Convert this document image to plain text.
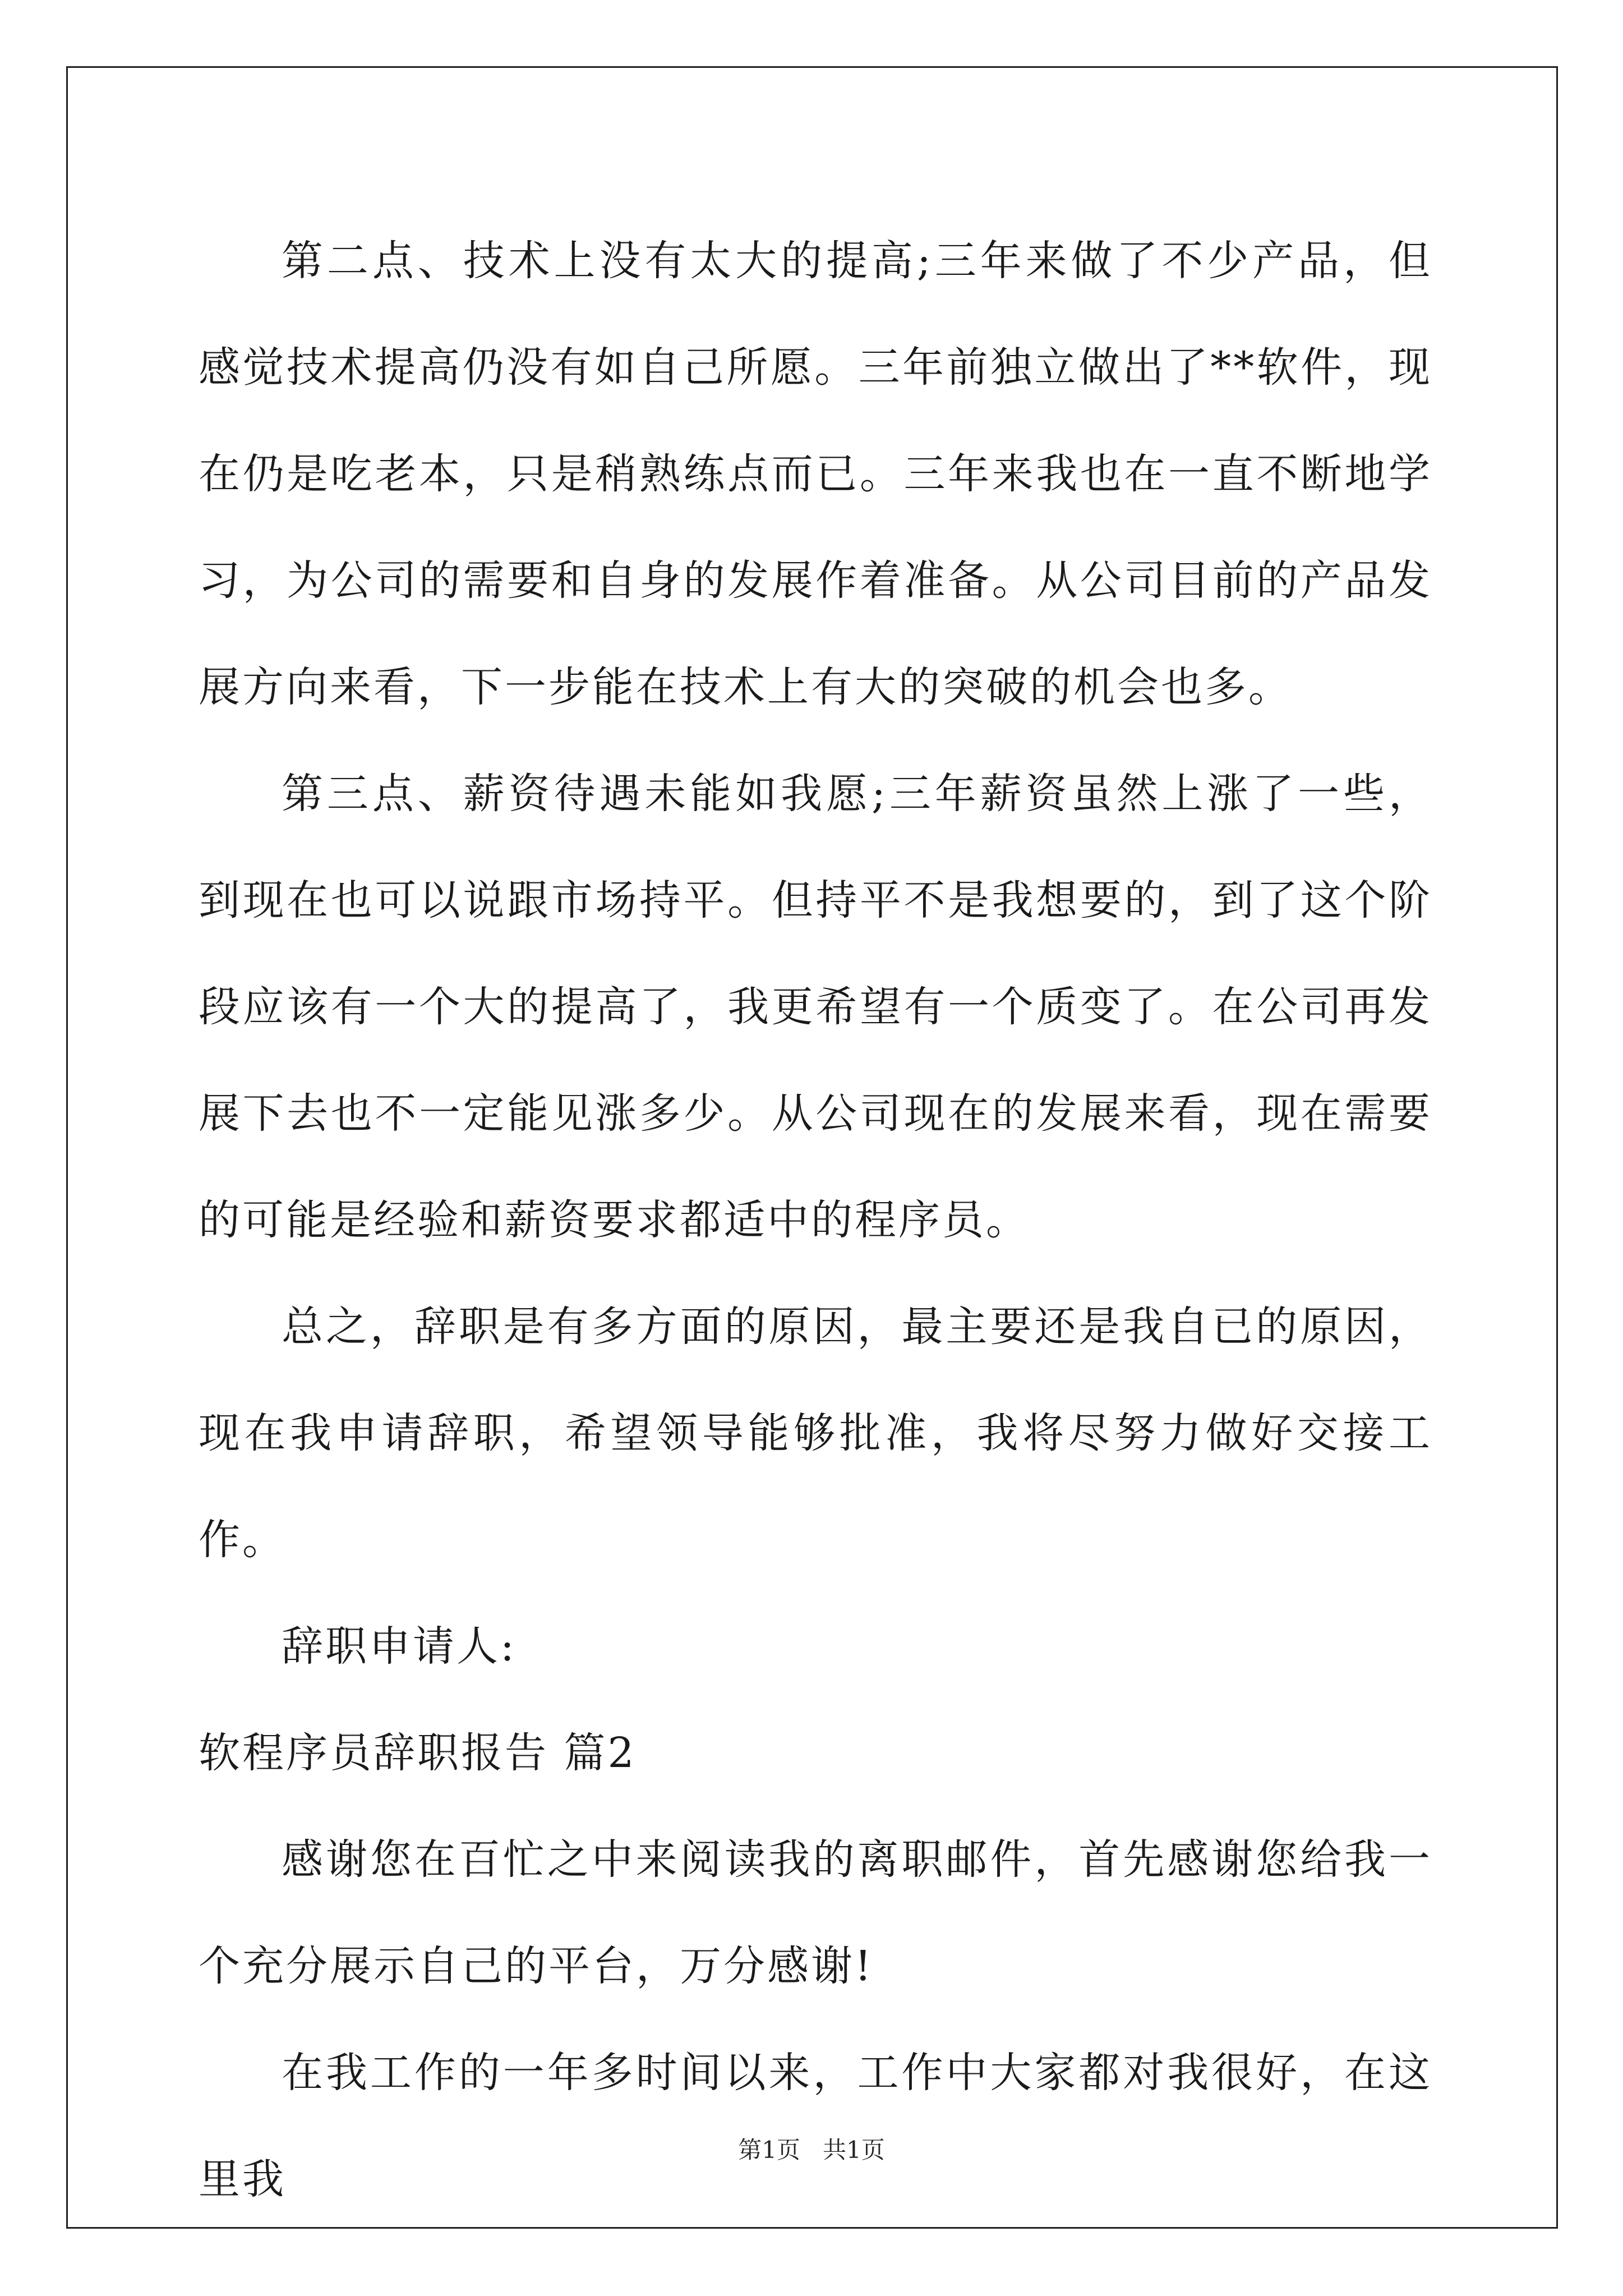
第二点、技术上没有太大的提高;三年来做了不少产品，但感觉技术提高仍没有如自己所愿。三年前独立做出了**软件，现在仍是吃老本，只是稍熟练点而已。三年来我也在一直不断地学习，为公司的需要和自身的发展作着准备。从公司目前的产品发展方向来看，下一步能在技术上有大的突破的机会也多。

第三点、薪资待遇未能如我愿;三年薪资虽然上涨了一些，到现在也可以说跟市场持平。但持平不是我想要的，到了这个阶段应该有一个大的提高了，我更希望有一个质变了。在公司再发展下去也不一定能见涨多少。从公司现在的发展来看，现在需要的可能是经验和薪资要求都适中的程序员。

总之，辞职是有多方面的原因，最主要还是我自已的原因，现在我申请辞职，希望领导能够批准，我将尽努力做好交接工作。

辞职申请人:

软程序员辞职报告 篇2

感谢您在百忙之中来阅读我的离职邮件，首先感谢您给我一个充分展示自己的平台，万分感谢!

在我工作的一年多时间以来，工作中大家都对我很好，在这里我

第1页 共1页
